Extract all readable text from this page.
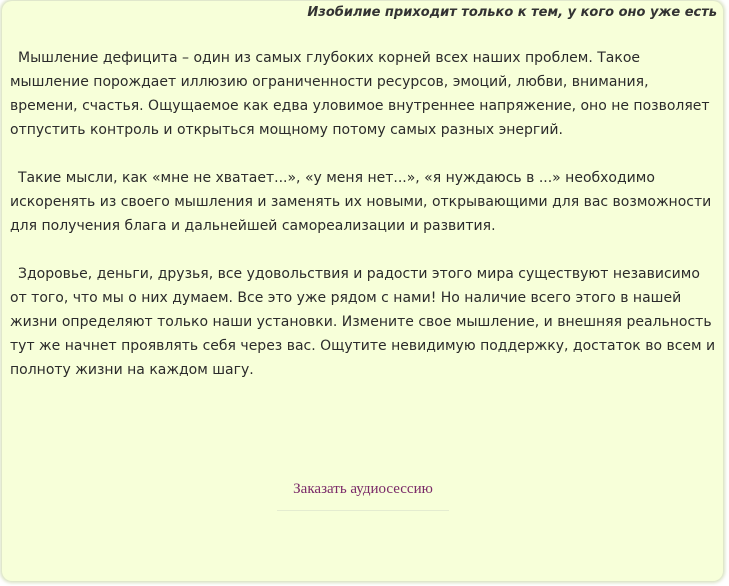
Изобилие приходит только к тем, у кого оно уже есть

Мышление дефицита – один из самых глубоких корней всех наших проблем. Такое мышление порождает иллюзию ограниченности ресурсов, эмоций, любви, внимания, времени, счастья. Ощущаемое как едва уловимое внутреннее напряжение, оно не позволяет отпустить контроль и открыться мощному потому самых разных энергий.

Такие мысли, как «мне не хватает...», «у меня нет...», «я нуждаюсь в ...» необходимо искоренять из своего мышления и заменять их новыми, открывающими для вас возможности для получения блага и дальнейшей самореализации и развития.

Здоровье, деньги, друзья, все удовольствия и радости этого мира существуют независимо от того, что мы о них думаем. Все это уже рядом с нами! Но наличие всего этого в нашей жизни определяют только наши установки. Измените свое мышление, и внешняя реальность тут же начнет проявлять себя через вас. Ощутите невидимую поддержку, достаток во всем и полноту жизни на каждом шагу.

Заказать аудиосессию
